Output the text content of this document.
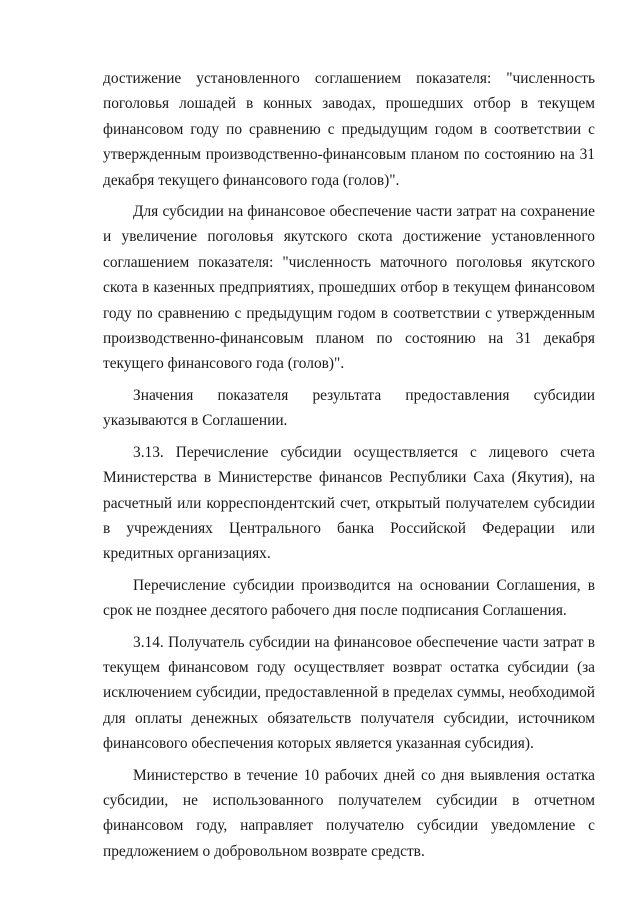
достижение установленного соглашением показателя: "численность поголовья лошадей в конных заводах, прошедших отбор в текущем финансовом году по сравнению с предыдущим годом в соответствии с утвержденным производственно-финансовым планом по состоянию на 31 декабря текущего финансового года (голов)".

Для субсидии на финансовое обеспечение части затрат на сохранение и увеличение поголовья якутского скота достижение установленного соглашением показателя: "численность маточного поголовья якутского скота в казенных предприятиях, прошедших отбор в текущем финансовом году по сравнению с предыдущим годом в соответствии с утвержденным производственно-финансовым планом по состоянию на 31 декабря текущего финансового года (голов)".

Значения показателя результата предоставления субсидии указываются в Соглашении.

3.13. Перечисление субсидии осуществляется с лицевого счета Министерства в Министерстве финансов Республики Саха (Якутия), на расчетный или корреспондентский счет, открытый получателем субсидии в учреждениях Центрального банка Российской Федерации или кредитных организациях.

Перечисление субсидии производится на основании Соглашения, в срок не позднее десятого рабочего дня после подписания Соглашения.

3.14. Получатель субсидии на финансовое обеспечение части затрат в текущем финансовом году осуществляет возврат остатка субсидии (за исключением субсидии, предоставленной в пределах суммы, необходимой для оплаты денежных обязательств получателя субсидии, источником финансового обеспечения которых является указанная субсидия).

Министерство в течение 10 рабочих дней со дня выявления остатка субсидии, не использованного получателем субсидии в отчетном финансовом году, направляет получателю субсидии уведомление с предложением о добровольном возврате средств.
